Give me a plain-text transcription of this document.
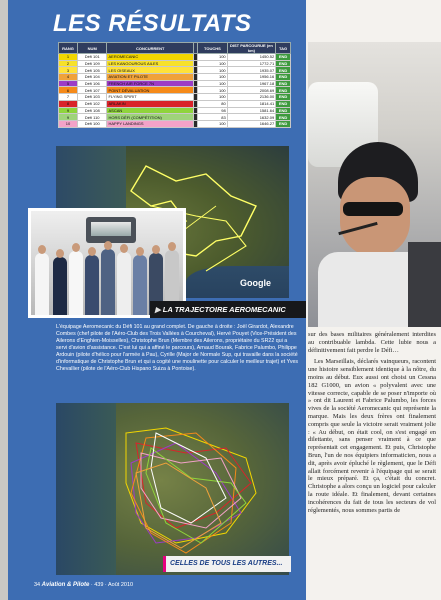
LES RÉSULTATS
RANG	NUM	CONCURRENT		TOUCHS	DIST PARCOURUE (en km)	TAG
1	Défi 101	AEROMECANIC		100	1450.52	END
2	Défi 109	LES KANGOUROUS AILES		100	1772.71	END
3	Défi 105	LES OISEAUX		100	1935.07	END
4	Défi 104	AVIATION ET PILOTE		100	1956.16	END
5	Défi 106	FRENCH AIR FORCE 7N		100	1967.18	END
6	Défi 107	POINT DÉVALUATION		100	2008.69	END
7	Défi 103	FLYING SPIRIT		100	2136.00	END
8	Défi 102	ARLAKIN		80	1814.41	END
9	Défi 108	ASCAN		98	1581.64	END
9	Défi 110	HORS DÉFI (COMPÉTITION)		83	1632.09	END
10	Défi 100	HAPPY LANDINGS		100	1646.27	END
Google
▶ LA TRAJECTOIRE AEROMECANIC
L'équipage Aeromecanic du Défi 101 au grand complet. De gauche à droite : Joël Girardot, Alexandre Combes (chef pilote de l'Aéro-Club des Trois Vallées à Courcheval), Hervé Pouyet (Vice-Président des Ailerons d'Enghien-Moisselles), Christophe Brun (Membre des Ailerons, propriétaire du SR22 qui a servi d'avion d'assistance. C'est lui qui a affiné le parcours), Arnaud Bourak, Fabrice Palumbo, Philippe Ardouin (pilote d'hélico pour l'armée à Pau), Cyrille (Major de Normale Sup, qui travaille dans la société d'informatique de Christophe Brun et qui a cogité une moulinette pour calculer le meilleur trajet) et Yves Chevallier (pilote de l'Aéro-Club Hispano Suiza à Pontoise).
CELLES DE TOUS LES AUTRES...
34 Aviation & Pilote · 439 · Août 2010

sur des bases militaires généralement interdites au contribuable lambda. Cette lubie nous a définitivement fait perdre le Défi…

Les Marseillais, déclarés vainqueurs, racontent une histoire sensiblement identique à la nôtre, du moins au début. Eux aussi ont choisi un Cessna 182 G1000, un avion « polyvalent avec une vitesse correcte, capable de se poser n'importe où » ont dit Laurent et Fabrice Palumbo, les forces vives de la société Aeromecanic qui représente la marque. Mais les deux frères ont finalement compris que seule la victoire serait vraiment jolie : « Au début, on était cool, on s'est engagé en dilettante, sans penser vraiment à ce que représentait cet engagement. Et puis, Christophe Brun, l'un de nos équipiers informaticien, nous a dit, après avoir épluché le règlement, que le Défi allait forcément revenir à l'équipage qui se serait le mieux préparé. Et ça, c'était du concret. Christophe a alors conçu un logiciel pour calculer la route idéale. Et finalement, devant certaines incohérences du fait de tous les secteurs de vol réglementés, nous sommes partis de
